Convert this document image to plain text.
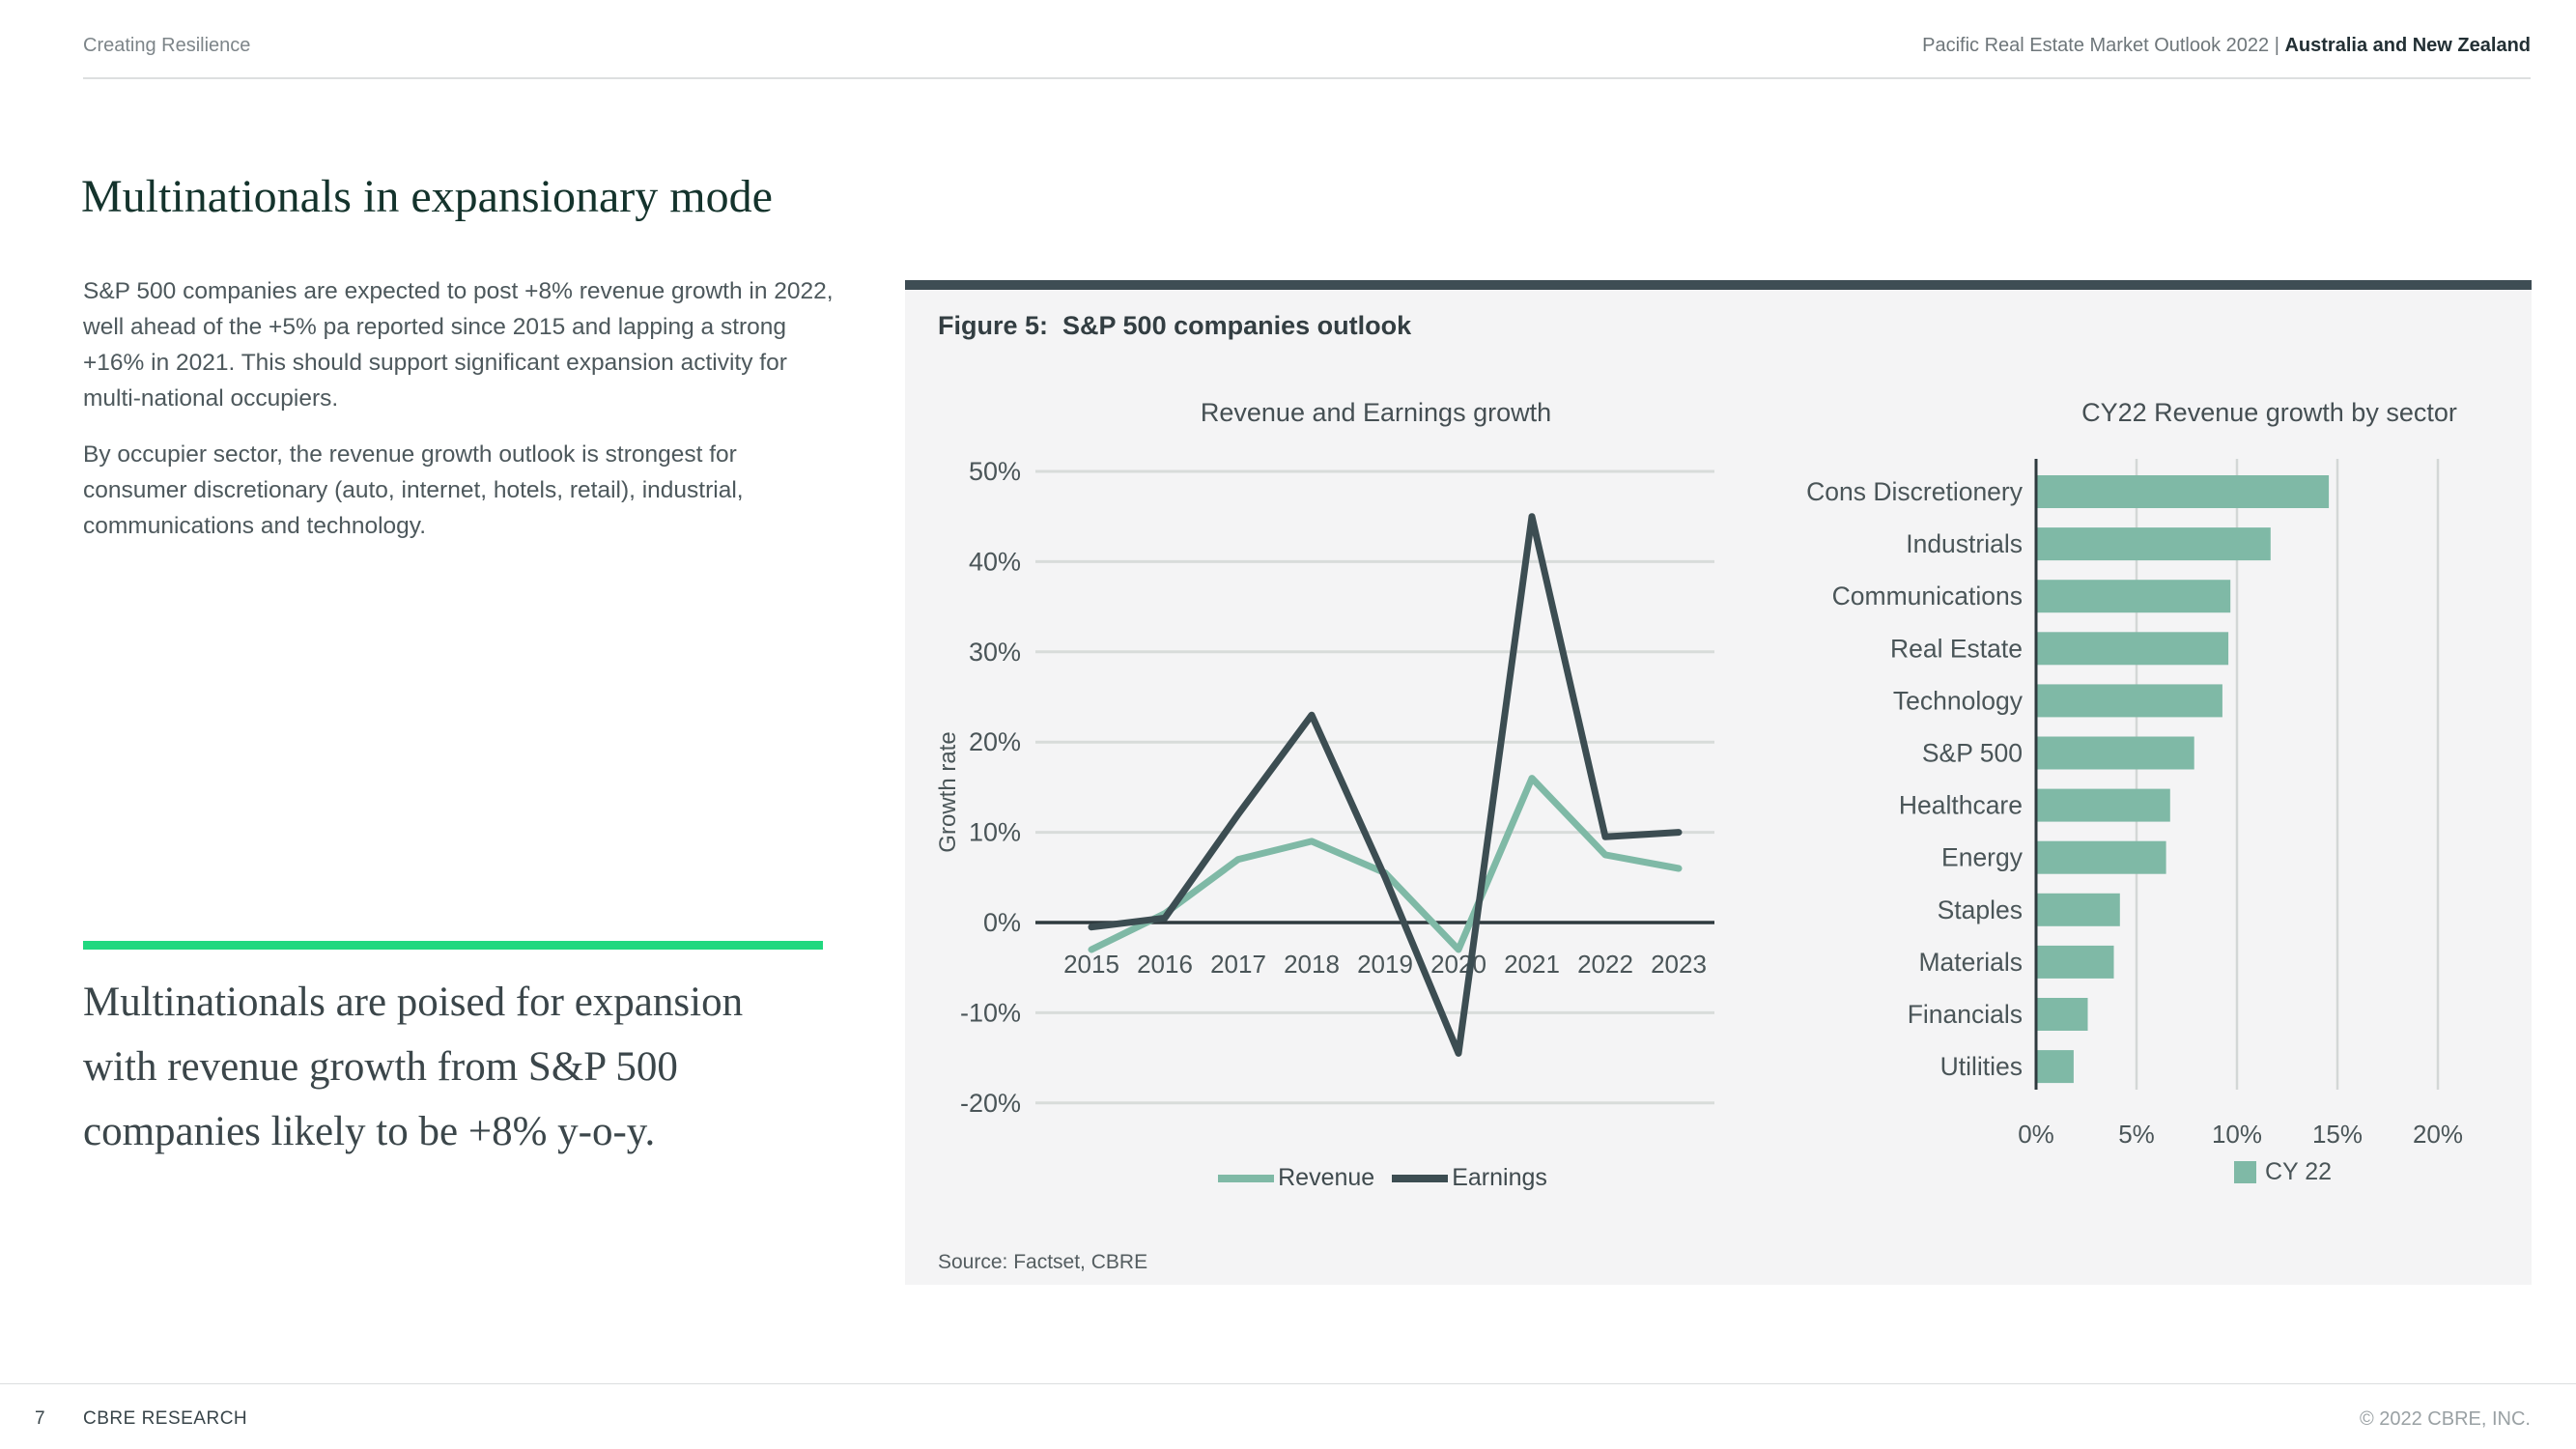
Creating Resilience	Pacific Real Estate Market Outlook 2022 | Australia and New Zealand
Multinationals in expansionary mode

S&P 500 companies are expected to post +8% revenue growth in 2022, well ahead of the +5% pa reported since 2015 and lapping a strong +16% in 2021. This should support significant expansion activity for multi-national occupiers.

By occupier sector, the revenue growth outlook is strongest for consumer discretionary (auto, internet, hotels, retail), industrial, communications and technology.

Multinationals are poised for expansion with revenue growth from S&P 500 companies likely to be +8% y-o-y.
Figure 5:  S&P 500 companies outlook
Revenue and Earnings growth
50%
40%
30%
20%
10%
0%
-10%
-20%
2015 2016 2017 2018 2019 2020 2021 2022 2023
Growth rate
Revenue	Earnings
CY22 Revenue growth by sector
0%	5% 10% 15% 20%
Cons Discretionery
Industrials
Communications
Real Estate
Technology
S&P 500
Healthcare
Energy
Staples
Materials
Financials
Utilities
CY 22
Source: Factset, CBRE
7 CBRE RESEARCH	© 2022 CBRE, INC.
